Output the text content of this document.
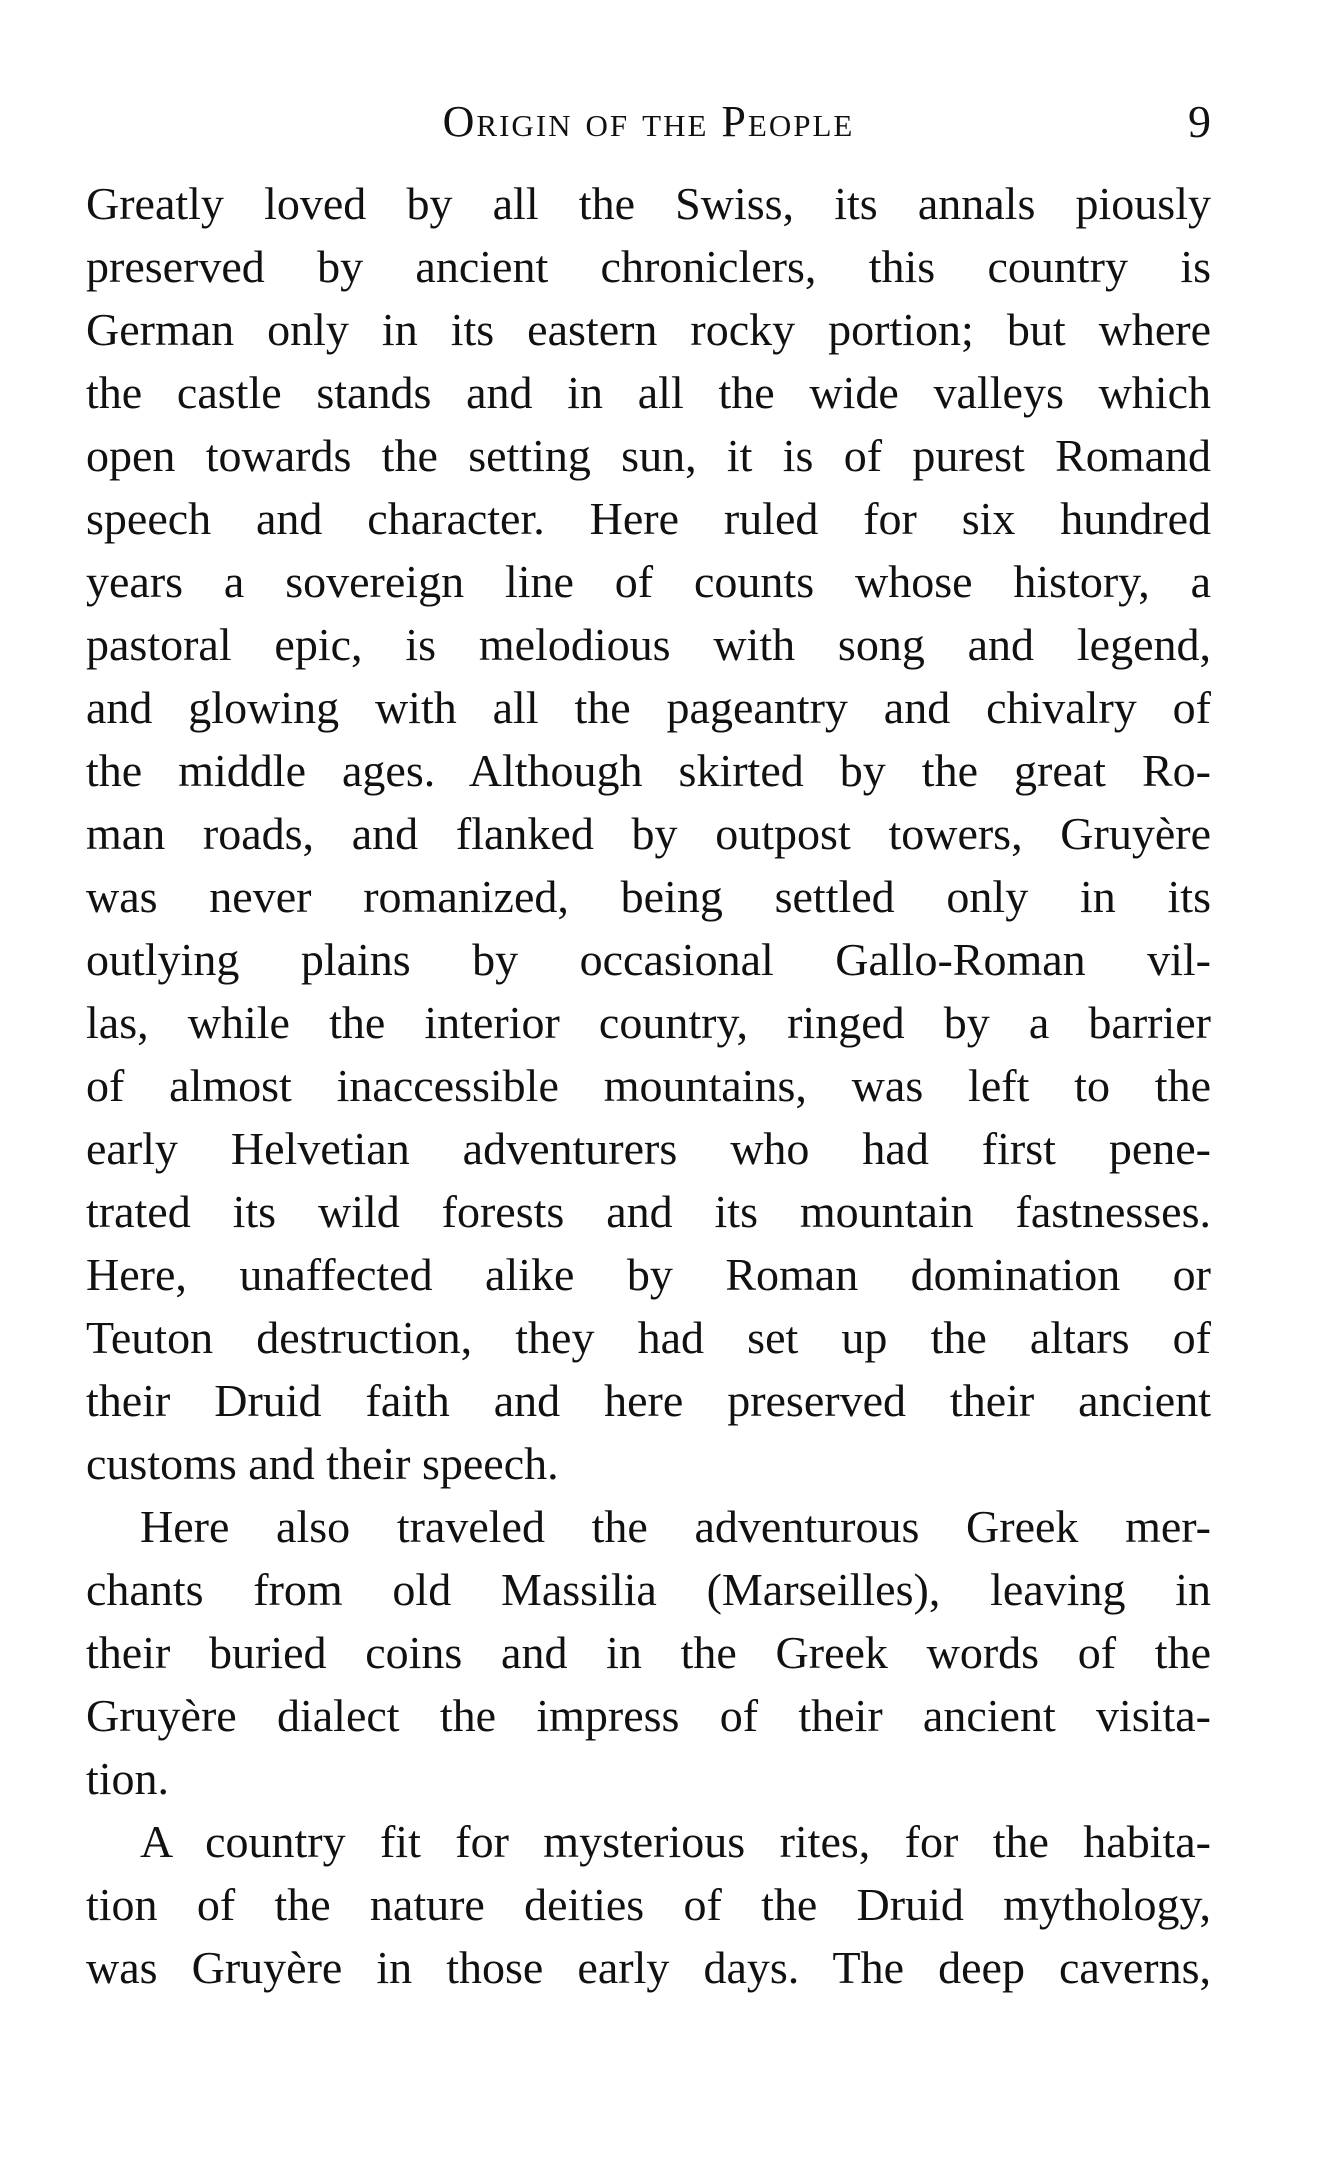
Origin of the People	9
Greatly loved by all the Swiss, its annals piously
preserved by ancient chroniclers, this country is
German only in its eastern rocky portion; but where
the castle stands and in all the wide valleys which
open towards the setting sun, it is of purest Romand
speech and character. Here ruled for six hundred
years a sovereign line of counts whose history, a
pastoral epic, is melodious with song and legend,
and glowing with all the pageantry and chivalry of
the middle ages. Although skirted by the great Ro-
man roads, and flanked by outpost towers, Gruyère
was never romanized, being settled only in its
outlying plains by occasional Gallo-Roman vil-
las, while the interior country, ringed by a barrier
of almost inaccessible mountains, was left to the
early Helvetian adventurers who had first pene-
trated its wild forests and its mountain fastnesses.
Here, unaffected alike by Roman domination or
Teuton destruction, they had set up the altars of
their Druid faith and here preserved their ancient
customs and their speech.
Here also traveled the adventurous Greek mer-
chants from old Massilia (Marseilles), leaving in
their buried coins and in the Greek words of the
Gruyère dialect the impress of their ancient visita-
tion.
A country fit for mysterious rites, for the habita-
tion of the nature deities of the Druid mythology,
was Gruyère in those early days. The deep caverns,
